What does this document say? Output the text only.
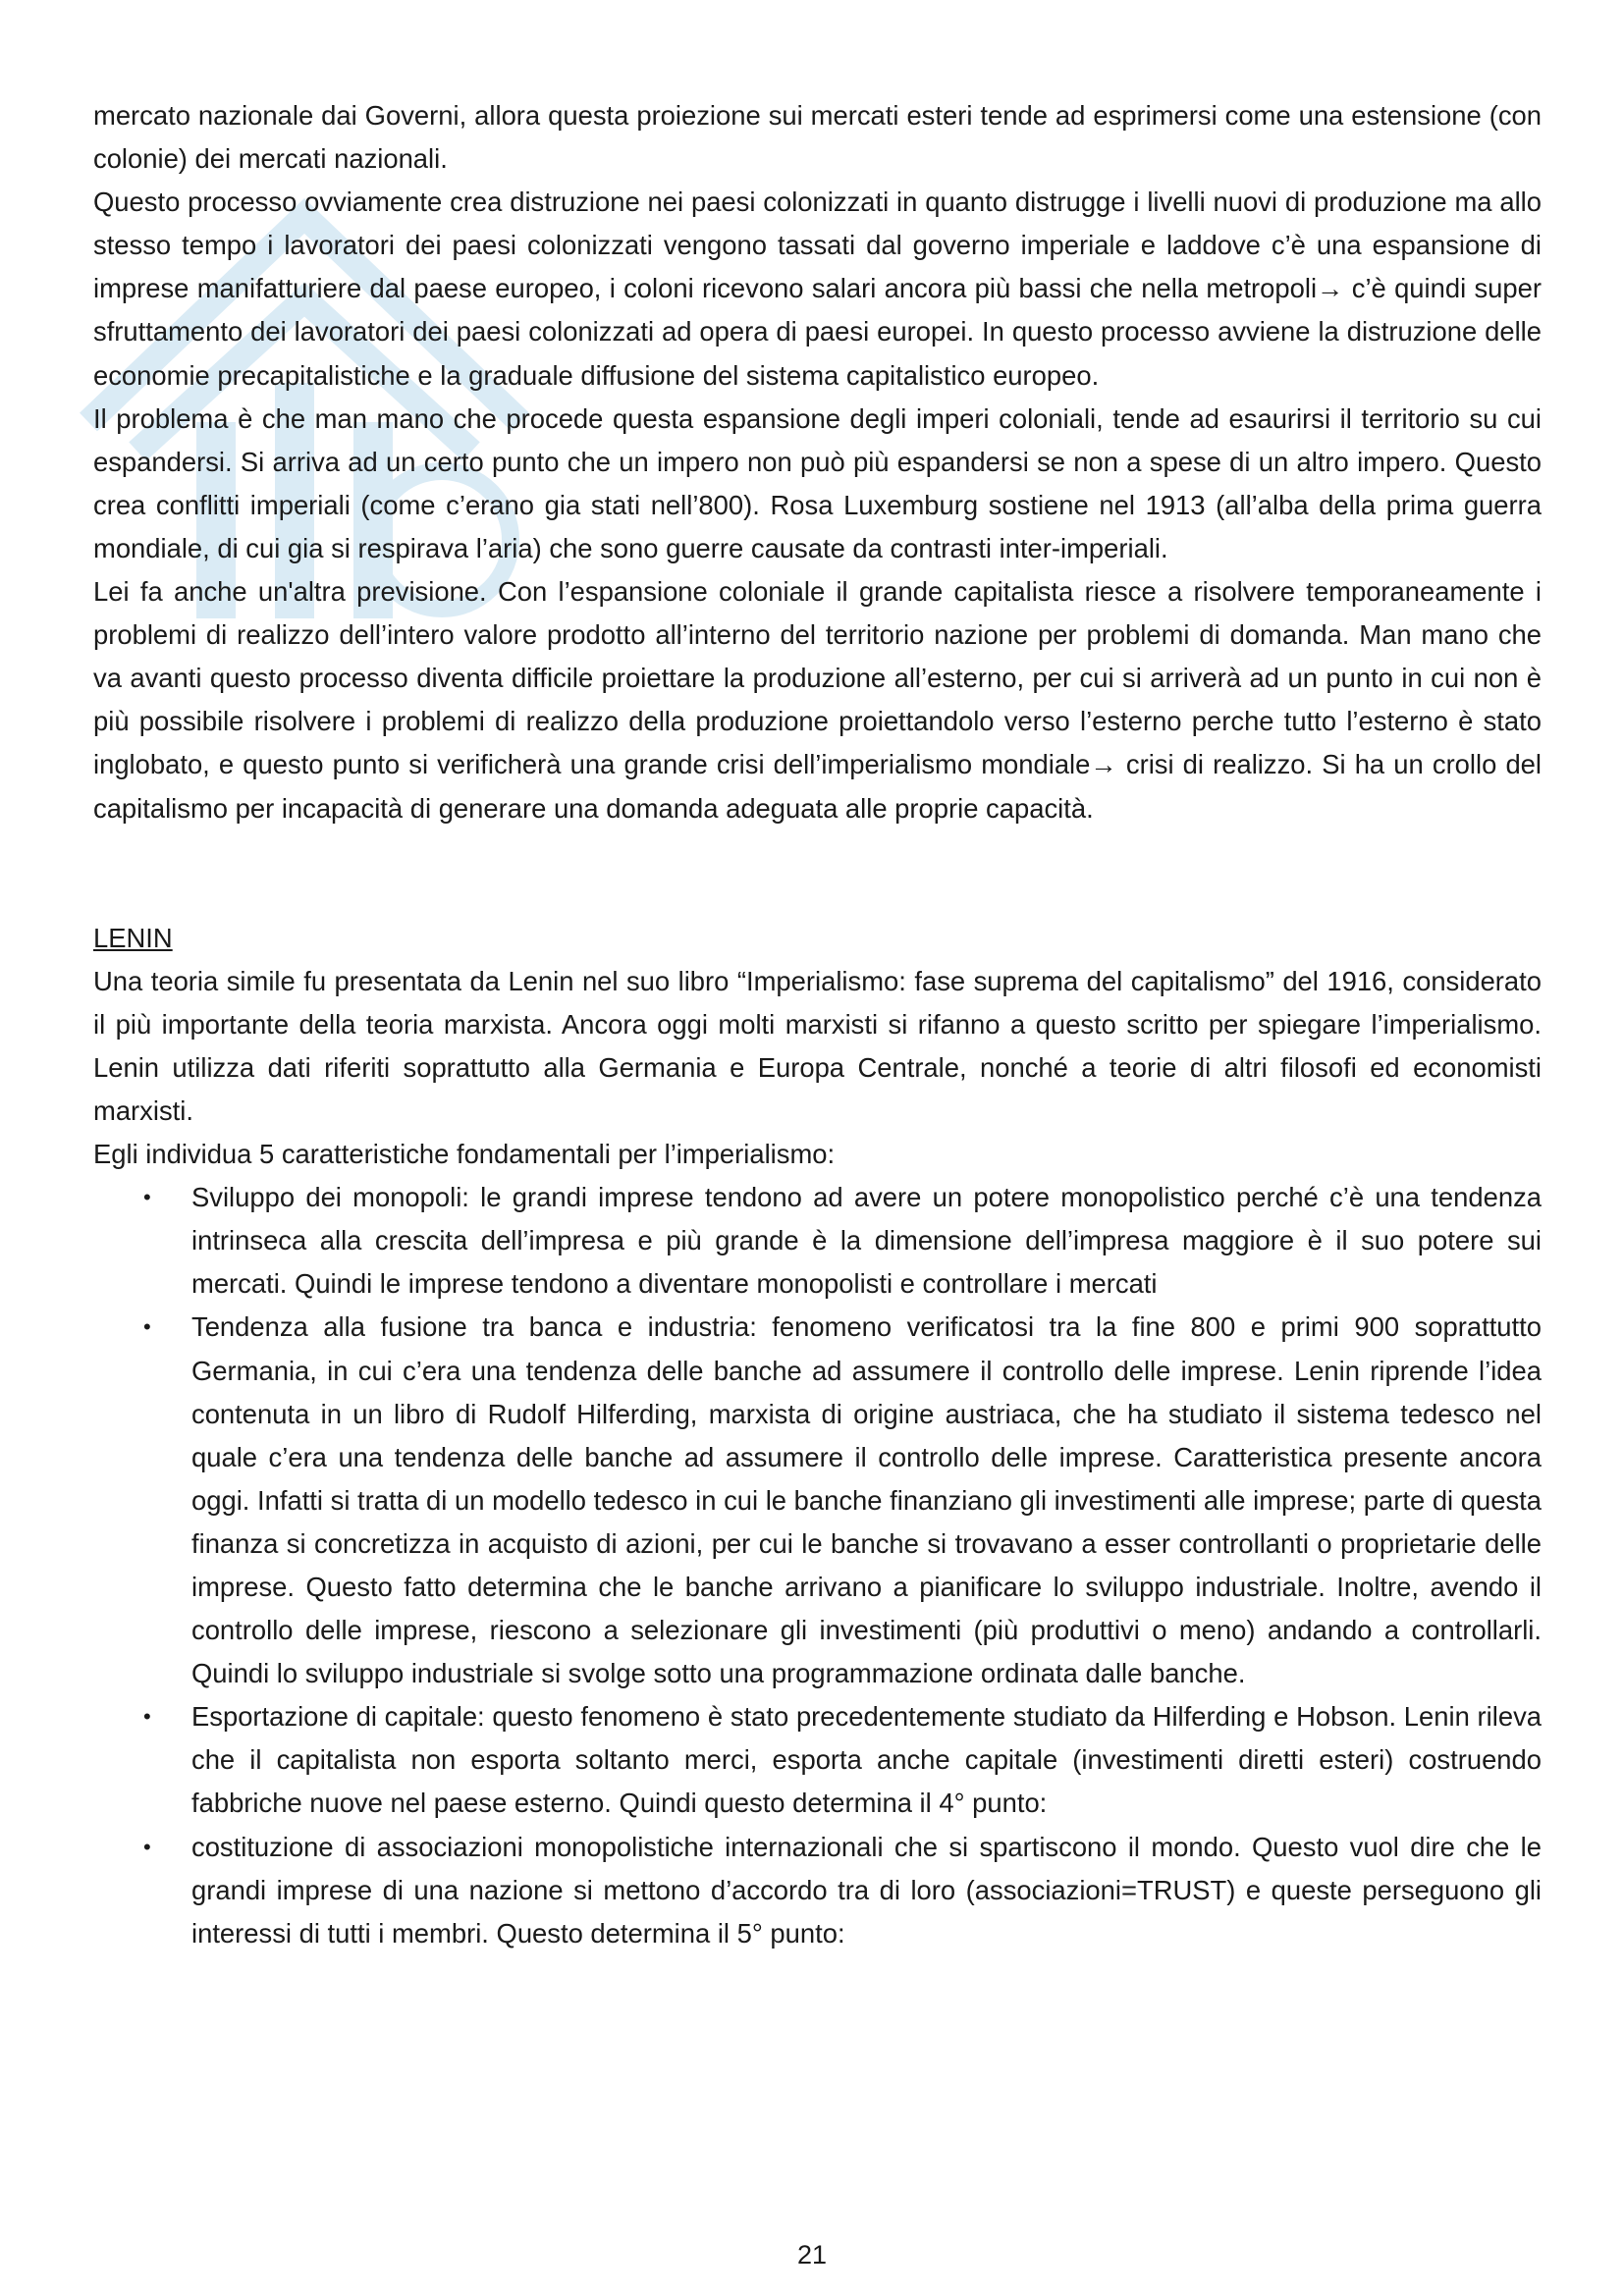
mercato nazionale dai Governi, allora questa proiezione sui mercati esteri tende ad esprimersi come una estensione (con colonie) dei mercati nazionali.

Questo processo ovviamente crea distruzione nei paesi colonizzati in quanto distrugge i livelli nuovi di produzione ma allo stesso tempo i lavoratori dei paesi colonizzati vengono tassati dal governo imperiale e laddove c’è una espansione di imprese manifatturiere dal paese europeo, i coloni ricevono salari ancora più bassi che nella metropoli→ c’è quindi super sfruttamento dei lavoratori dei paesi colonizzati ad opera di paesi europei. In questo processo avviene la distruzione delle economie precapitalistiche e la graduale diffusione del sistema capitalistico europeo.

Il problema è che man mano che procede questa espansione degli imperi coloniali, tende ad esaurirsi il territorio su cui espandersi. Si arriva ad un certo punto che un impero non può più espandersi se non a spese di un altro impero. Questo crea conflitti imperiali (come c’erano gia stati nell’800). Rosa Luxemburg sostiene nel 1913 (all’alba della prima guerra mondiale, di cui gia si respirava l’aria) che sono guerre causate da contrasti inter-imperiali.

Lei fa anche un'altra previsione. Con l’espansione coloniale il grande capitalista riesce a risolvere temporaneamente i problemi di realizzo dell’intero valore prodotto all’interno del territorio nazione per problemi di domanda. Man mano che va avanti questo processo diventa difficile proiettare la produzione all’esterno, per cui si arriverà ad un punto in cui non è più possibile risolvere i problemi di realizzo della produzione proiettandolo verso l’esterno perche tutto l’esterno è stato inglobato, e questo punto si verificherà una grande crisi dell’imperialismo mondiale→ crisi di realizzo. Si ha un crollo del capitalismo per incapacità di generare una domanda adeguata alle proprie capacità.

LENIN

Una teoria simile fu presentata da Lenin nel suo libro “Imperialismo: fase suprema del capitalismo” del 1916, considerato il più importante della teoria marxista. Ancora oggi molti marxisti si rifanno a questo scritto per spiegare l’imperialismo. Lenin utilizza dati riferiti soprattutto alla Germania e Europa Centrale, nonché a teorie di altri filosofi ed economisti marxisti.

Egli individua 5 caratteristiche fondamentali per l’imperialismo:

• Sviluppo dei monopoli: le grandi imprese tendono ad avere un potere monopolistico perché c’è una tendenza intrinseca alla crescita dell’impresa e più grande è la dimensione dell’impresa maggiore è il suo potere sui mercati. Quindi le imprese tendono a diventare monopolisti e controllare i mercati
• Tendenza alla fusione tra banca e industria: fenomeno verificatosi tra la fine 800 e primi 900 soprattutto Germania, in cui c’era una tendenza delle banche ad assumere il controllo delle imprese. Lenin riprende l’idea contenuta in un libro di Rudolf Hilferding, marxista di origine austriaca, che ha studiato il sistema tedesco nel quale c’era una tendenza delle banche ad assumere il controllo delle imprese. Caratteristica presente ancora oggi. Infatti si tratta di un modello tedesco in cui le banche finanziano gli investimenti alle imprese; parte di questa finanza si concretizza in acquisto di azioni, per cui le banche si trovavano a esser controllanti o proprietarie delle imprese. Questo fatto determina che le banche arrivano a pianificare lo sviluppo industriale. Inoltre, avendo il controllo delle imprese, riescono a selezionare gli investimenti (più produttivi o meno) andando a controllarli. Quindi lo sviluppo industriale si svolge sotto una programmazione ordinata dalle banche.
• Esportazione di capitale: questo fenomeno è stato precedentemente studiato da Hilferding e Hobson. Lenin rileva che il capitalista non esporta soltanto merci, esporta anche capitale (investimenti diretti esteri) costruendo fabbriche nuove nel paese esterno. Quindi questo determina il 4° punto:
• costituzione di associazioni monopolistiche internazionali che si spartiscono il mondo. Questo vuol dire che le grandi imprese di una nazione si mettono d’accordo tra di loro (associazioni=TRUST) e queste perseguono gli interessi di tutti i membri. Questo determina il 5° punto:
21
